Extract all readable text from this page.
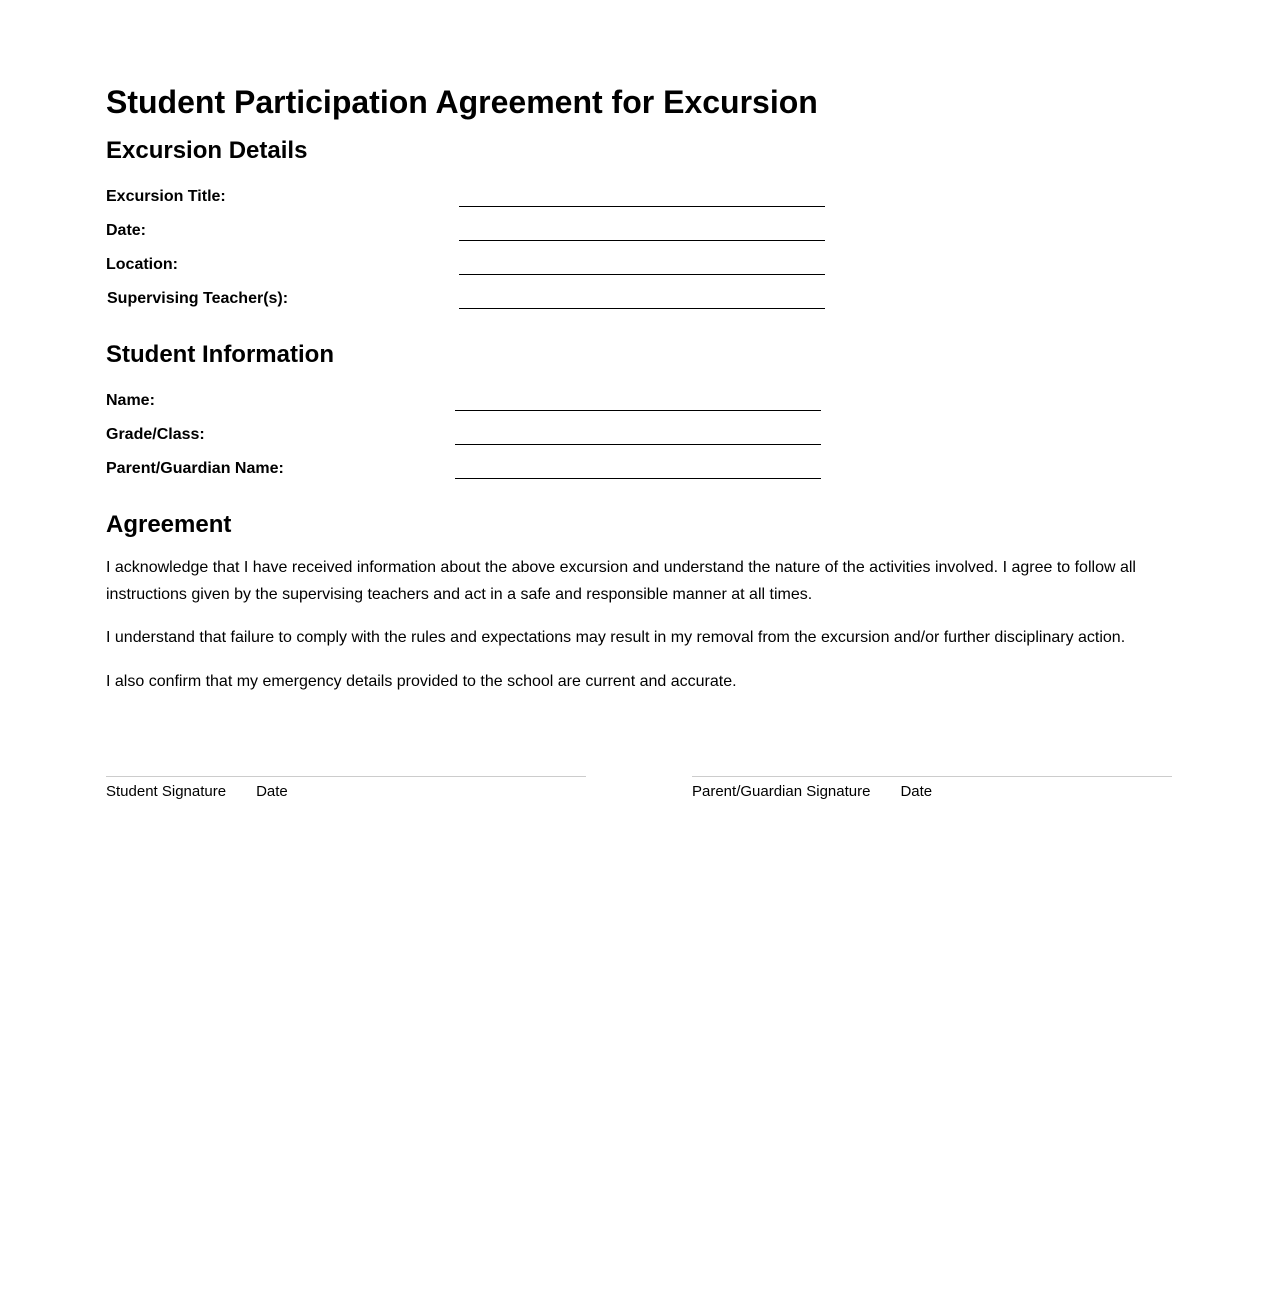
Student Participation Agreement for Excursion
Excursion Details
Excursion Title:
Date:
Location:
Supervising Teacher(s):
Student Information
Name:
Grade/Class:
Parent/Guardian Name:
Agreement

I acknowledge that I have received information about the above excursion and understand the nature of the activities involved. I agree to follow all instructions given by the supervising teachers and act in a safe and responsible manner at all times.

I understand that failure to comply with the rules and expectations may result in my removal from the excursion and/or further disciplinary action.

I also confirm that my emergency details provided to the school are current and accurate.

Student Signature Date	Parent/Guardian Signature Date
